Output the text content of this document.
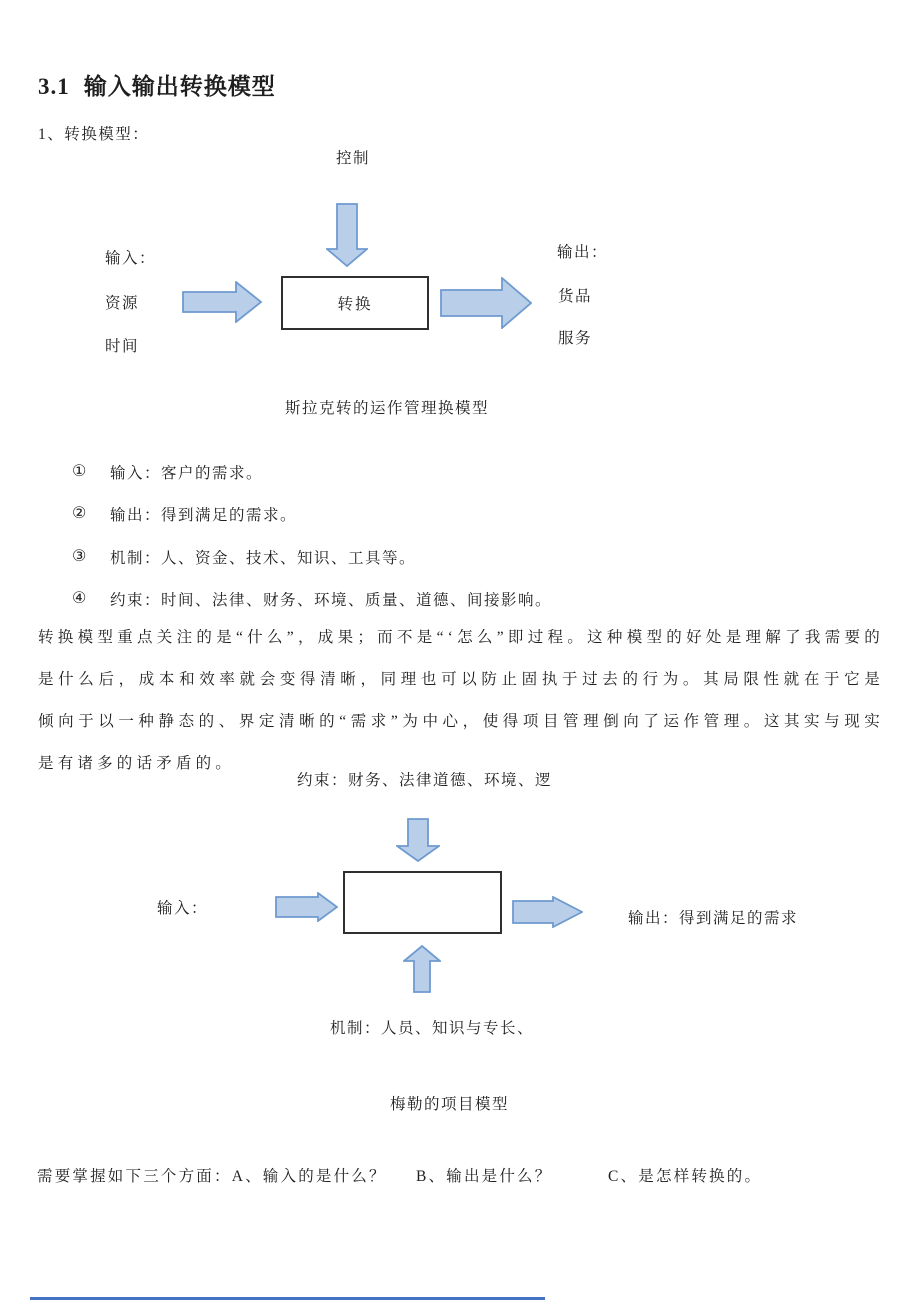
3.1 输入输出转换模型
1、转换模型：
控制
输入：
资源
时间
转换
输出：
货品
服务
斯拉克转的运作管理换模型
①	输入：客户的需求。
②	输出：得到满足的需求。
③	机制：人、资金、技术、知识、工具等。
④	约束：时间、法律、财务、环境、质量、道德、间接影响。
转换模型重点关注的是“什么”，成果；而不是“‘怎么”即过程。这种模型的好处是理解了我需要的是什么后，成本和效率就会变得清晰，同理也可以防止固执于过去的行为。其局限性就在于它是倾向于以一种静态的、界定清晰的“需求”为中心，使得项目管理倒向了运作管理。这其实与现实是有诸多的话矛盾的。
约束：财务、法律道德、环境、逻
输入：
输出：得到满足的需求
机制：人员、知识与专长、
梅勒的项目模型
需要掌握如下三个方面：A、输入的是什么？ B、输出是什么？	C、是怎样转换的。
